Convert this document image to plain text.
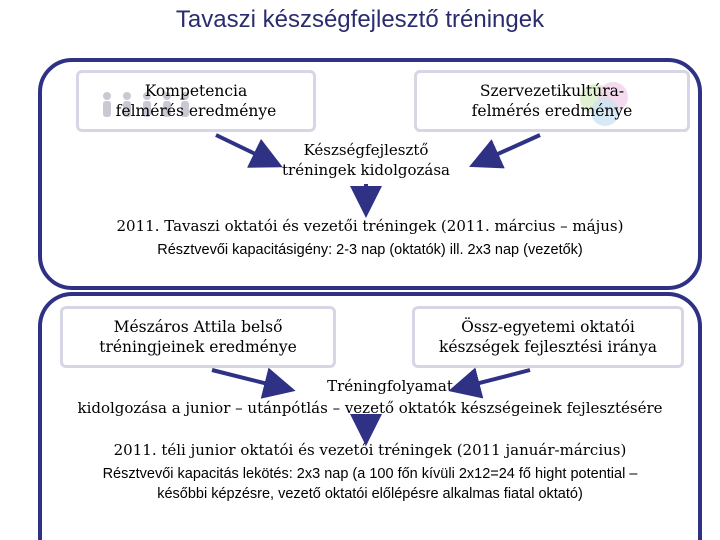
Tavaszi készségfejlesztő tréningek
Kompetencia
felmérés eredménye
Szervezetikultúra-
felmérés eredménye
Készségfejlesztő
tréningek kidolgozása
2011. Tavaszi oktatói és vezetői tréningek (2011. március – május)
Résztvevői kapacitásigény: 2-3 nap (oktatók) ill. 2x3 nap (vezetők)
Mészáros Attila belső
tréningjeinek eredménye
Össz-egyetemi oktatói
készségek fejlesztési iránya
Tréningfolyamat
kidolgozása a junior – utánpótlás – vezető oktatók készségeinek fejlesztésére
2011. téli junior oktatói és vezetői tréningek (2011 január-március)
Résztvevői kapacitás lekötés: 2x3 nap (a 100 főn kívüli 2x12=24 fő hight potential –
későbbi képzésre, vezető oktatói előlépésre alkalmas fiatal oktató)
